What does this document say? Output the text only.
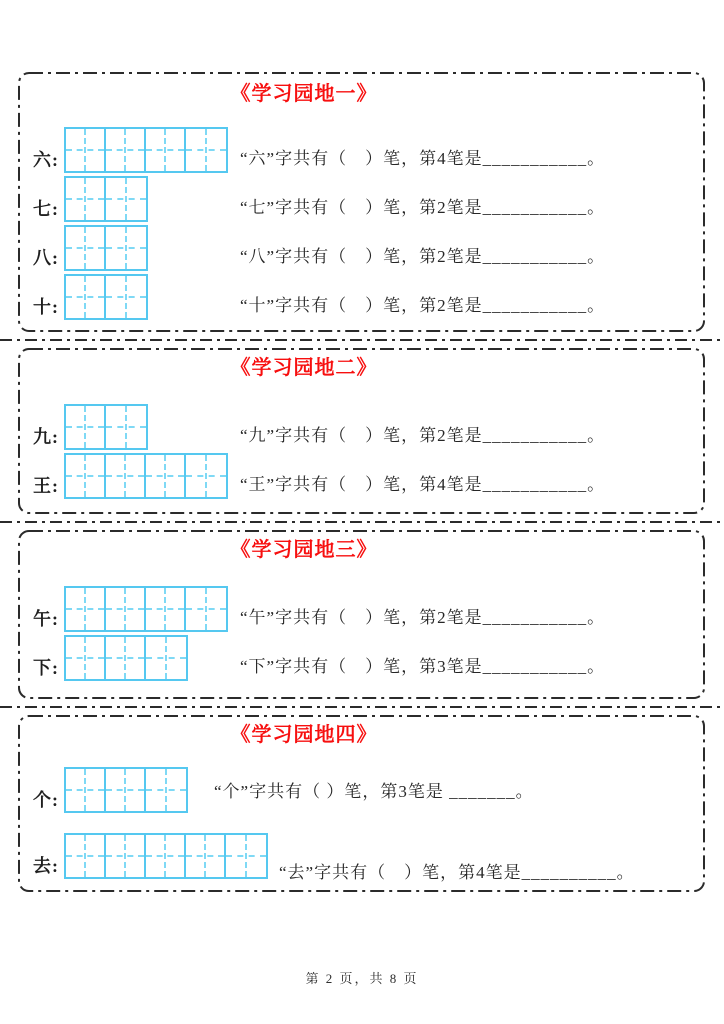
《学习园地一》
六:	“六”字共有（　）笔，第4笔是___________。
七:	“七”字共有（　）笔，第2笔是___________。
八:	“八”字共有（　）笔，第2笔是___________。
十:	“十”字共有（　）笔，第2笔是___________。
《学习园地二》
九:	“九”字共有（　）笔，第2笔是___________。
王:	“王”字共有（　）笔，第4笔是___________。
《学习园地三》
午:	“午”字共有（　）笔，第2笔是___________。
下:	“下”字共有（　）笔，第3笔是___________。
《学习园地四》
个:	“个”字共有（ ）笔，第3笔是 _______。
去:	“去”字共有（　）笔，第4笔是__________。
第 2 页，共 8 页
